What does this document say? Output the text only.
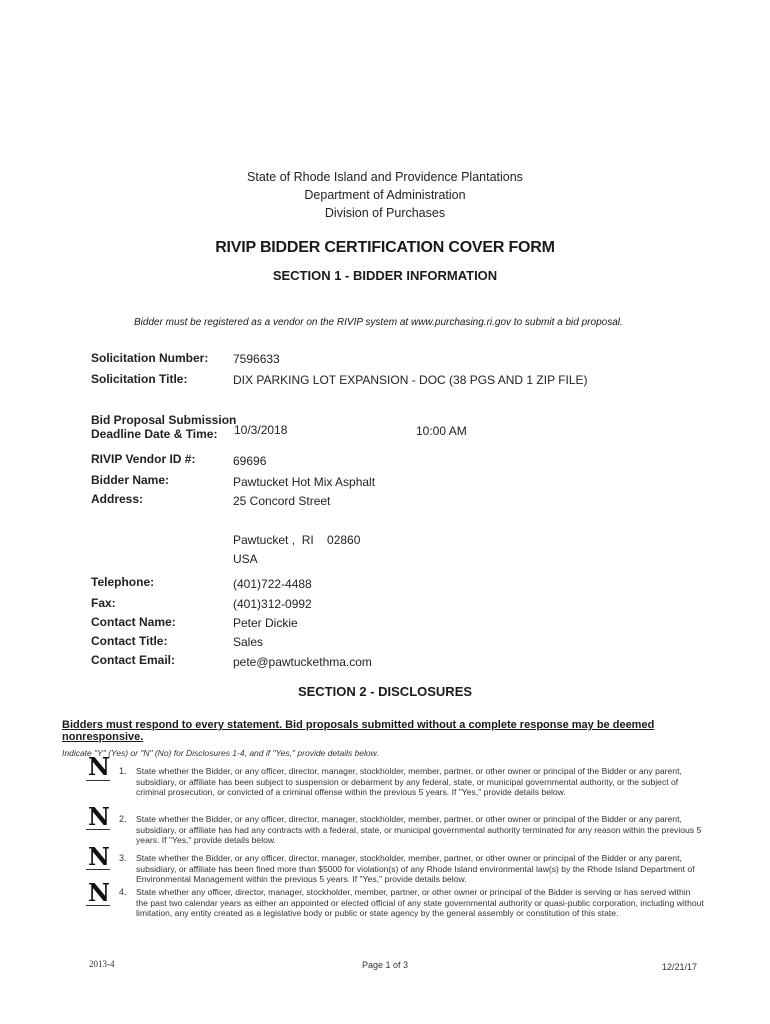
State of Rhode Island and Providence Plantations
Department of Administration
Division of Purchases
RIVIP BIDDER CERTIFICATION COVER FORM
SECTION 1 - BIDDER INFORMATION
Bidder must be registered as a vendor on the RIVIP system at www.purchasing.ri.gov to submit a bid proposal.
Solicitation Number: 7596633
Solicitation Title:	DIX PARKING LOT EXPANSION - DOC (38 PGS AND 1 ZIP FILE)
Bid Proposal Submission
Deadline Date & Time: 10/3/2018	10:00 AM
RIVIP Vendor ID #:	69696
Bidder Name:	Pawtucket Hot Mix Asphalt
Address:	25 Concord Street
Pawtucket ,  RI    02860
USA
Telephone:	(401)722-4488
Fax:	(401)312-0992
Contact Name:	Peter Dickie
Contact Title:	Sales
Contact Email:	pete@pawtuckethma.com
SECTION 2 - DISCLOSURES
Bidders must respond to every statement. Bid proposals submitted without a complete response may be deemed
nonresponsive.
Indicate "Y" (Yes) or "N" (No) for Disclosures 1-4, and if "Yes," provide details below.
N 1. State whether the Bidder, or any officer, director, manager, stockholder, member, partner, or other owner or principal of the Bidder or any parent, subsidiary, or affiliate has been subject to suspension or debarment by any federal, state, or municipal governmental authority, or the subject of criminal prosecution, or convicted of a criminal offense within the previous 5 years. If "Yes," provide details below.
N 2. State whether the Bidder, or any officer, director, manager, stockholder, member, partner, or other owner or principal of the Bidder or any parent, subsidiary, or affiliate has had any contracts with a federal, state, or municipal governmental authority terminated for any reason within the previous 5 years. If "Yes," provide details below.
N 3. State whether the Bidder, or any officer, director, manager, stockholder, member, partner, or other owner or principal of the Bidder or any parent, subsidiary, or affiliate has been fined more than $5000 for violation(s) of any Rhode Island environmental law(s) by the Rhode Island Department of Environmental Management within the previous 5 years. If "Yes," provide details below.
N 4. State whether any officer, director, manager, stockholder, member, partner, or other owner or principal of the Bidder is serving or has served within the past two calendar years as either an appointed or elected official of any state governmental authority or quasi-public corporation, including without limitation, any entity created as a legislative body or public or state agency by the general assembly or constitution of this state.
2013-4	Page 1 of 3	12/21/17
